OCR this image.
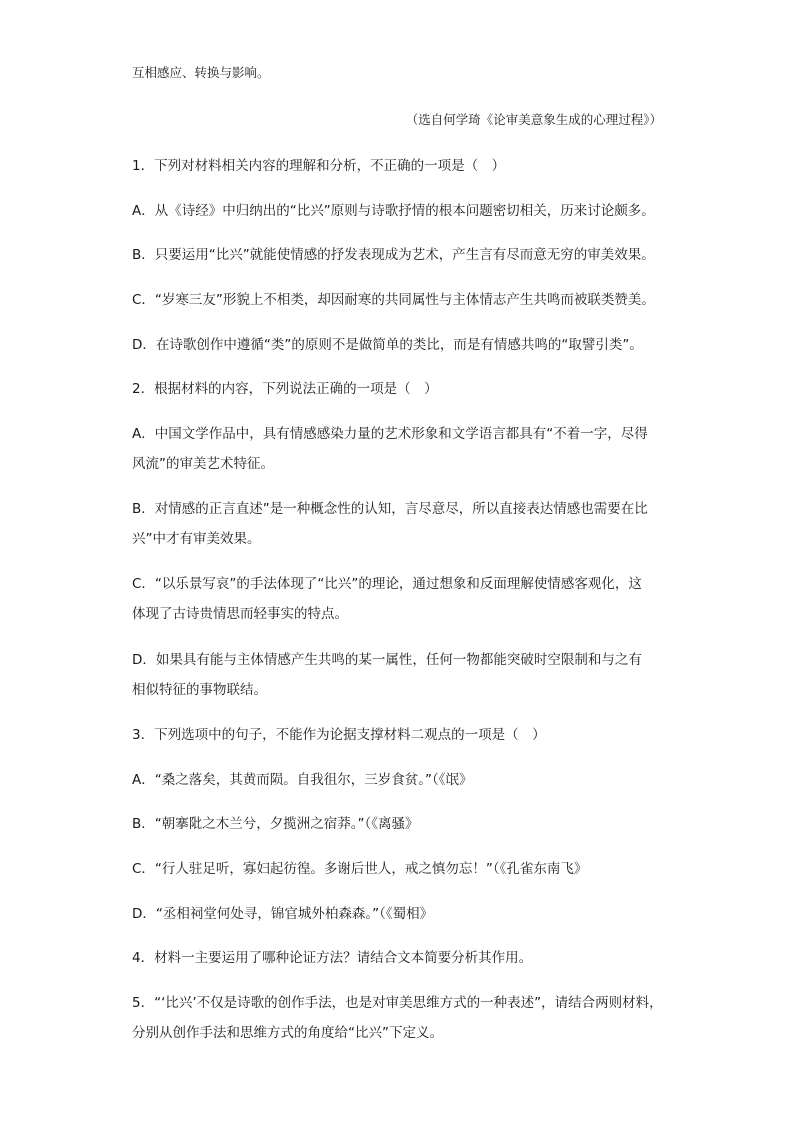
互相感应、转换与影响。
（选自何学琦《论审美意象生成的心理过程》）
1．下列对材料相关内容的理解和分析，不正确的一项是（　）
A．从《诗经》中归纳出的“比兴”原则与诗歌抒情的根本问题密切相关，历来讨论颇多。
B．只要运用“比兴”就能使情感的抒发表现成为艺术，产生言有尽而意无穷的审美效果。
C．“岁寒三友”形貌上不相类，却因耐寒的共同属性与主体情志产生共鸣而被联类赞美。
D．在诗歌创作中遵循“类”的原则不是做简单的类比，而是有情感共鸣的“取譬引类”。
2．根据材料的内容，下列说法正确的一项是（　）
A．中国文学作品中，具有情感感染力量的艺术形象和文学语言都具有“不着一字，尽得
风流”的审美艺术特征。
B．对情感的正言直述”是一种概念性的认知，言尽意尽，所以直接表达情感也需要在比
兴”中才有审美效果。
C．“以乐景写哀”的手法体现了“比兴”的理论，通过想象和反面理解使情感客观化，这
体现了古诗贵情思而轻事实的特点。
D．如果具有能与主体情感产生共鸣的某一属性，任何一物都能突破时空限制和与之有
相似特征的事物联结。
3．下列选项中的句子，不能作为论据支撑材料二观点的一项是（　）
A．“桑之落矣，其黄而陨。自我徂尔，三岁食贫。”（《氓》
B．“朝搴阰之木兰兮，夕揽洲之宿莽。”（《离骚》
C．“行人驻足听，寡妇起彷徨。多谢后世人，戒之慎勿忘！”（《孔雀东南飞》
D．“丞相祠堂何处寻，锦官城外柏森森。”（《蜀相》
4．材料一主要运用了哪种论证方法？请结合文本简要分析其作用。
5．“‘比兴’不仅是诗歌的创作手法，也是对审美思维方式的一种表述”，请结合两则材料，
分别从创作手法和思维方式的角度给“比兴”下定义。
